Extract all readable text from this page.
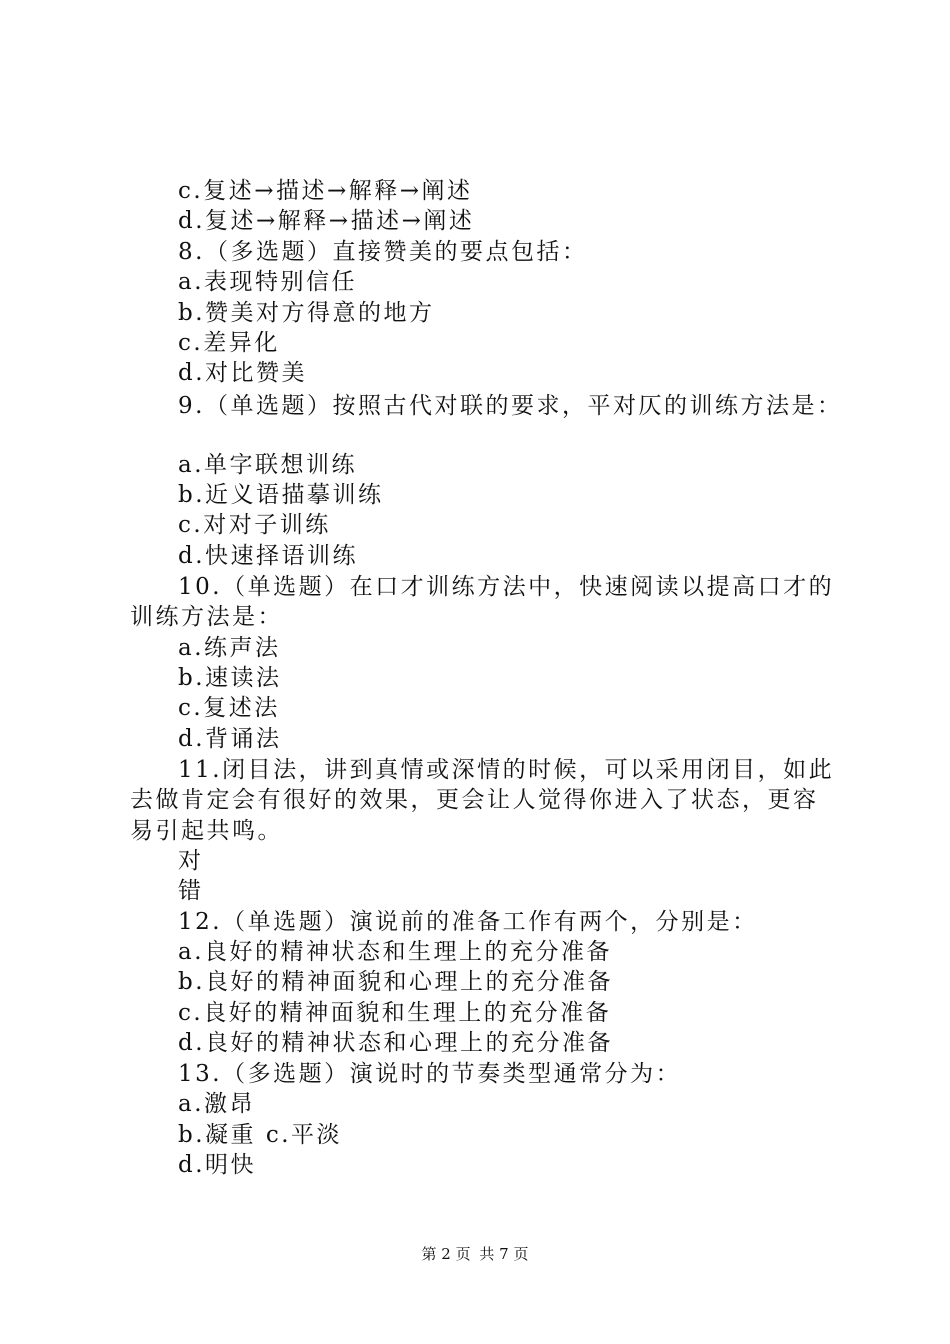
c.复述→描述→解释→阐述
d.复述→解释→描述→阐述
8.（多选题）直接赞美的要点包括：
a.表现特别信任
b.赞美对方得意的地方
c.差异化
d.对比赞美
9.（单选题）按照古代对联的要求，平对仄的训练方法是：
a.单字联想训练
b.近义语描摹训练
c.对对子训练
d.快速择语训练
10.（单选题）在口才训练方法中，快速阅读以提高口才的
训练方法是：
a.练声法
b.速读法
c.复述法
d.背诵法
11.闭目法，讲到真情或深情的时候，可以采用闭目，如此
去做肯定会有很好的效果，更会让人觉得你进入了状态，更容
易引起共鸣。
对
错
12.（单选题）演说前的准备工作有两个，分别是：
a.良好的精神状态和生理上的充分准备
b.良好的精神面貌和心理上的充分准备
c.良好的精神面貌和生理上的充分准备
d.良好的精神状态和心理上的充分准备
13.（多选题）演说时的节奏类型通常分为：
a.激昂
b.凝重 c.平淡
d.明快
第 2 页 共 7 页
